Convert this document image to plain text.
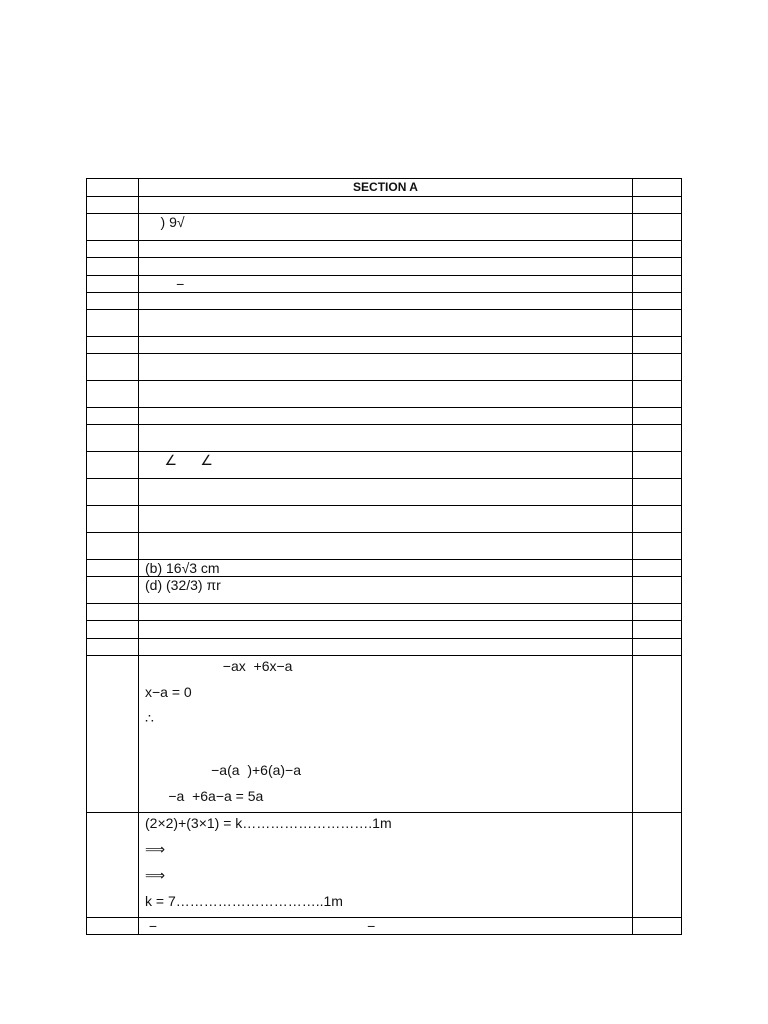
	SECTION A	

	) 9√	

	−	

	∠      ∠	

	(b) 16√3 cm	

	(d) (32/3) πr	

	−ax  +6x−a
x−a = 0
∴
−a(a  )+6(a)−a
−a  +6a−a = 5a	

	(2×2)+(3×1) = k……………………….1m
⟹
⟹
k = 7…………………………..1m	

	−                                                      −	
